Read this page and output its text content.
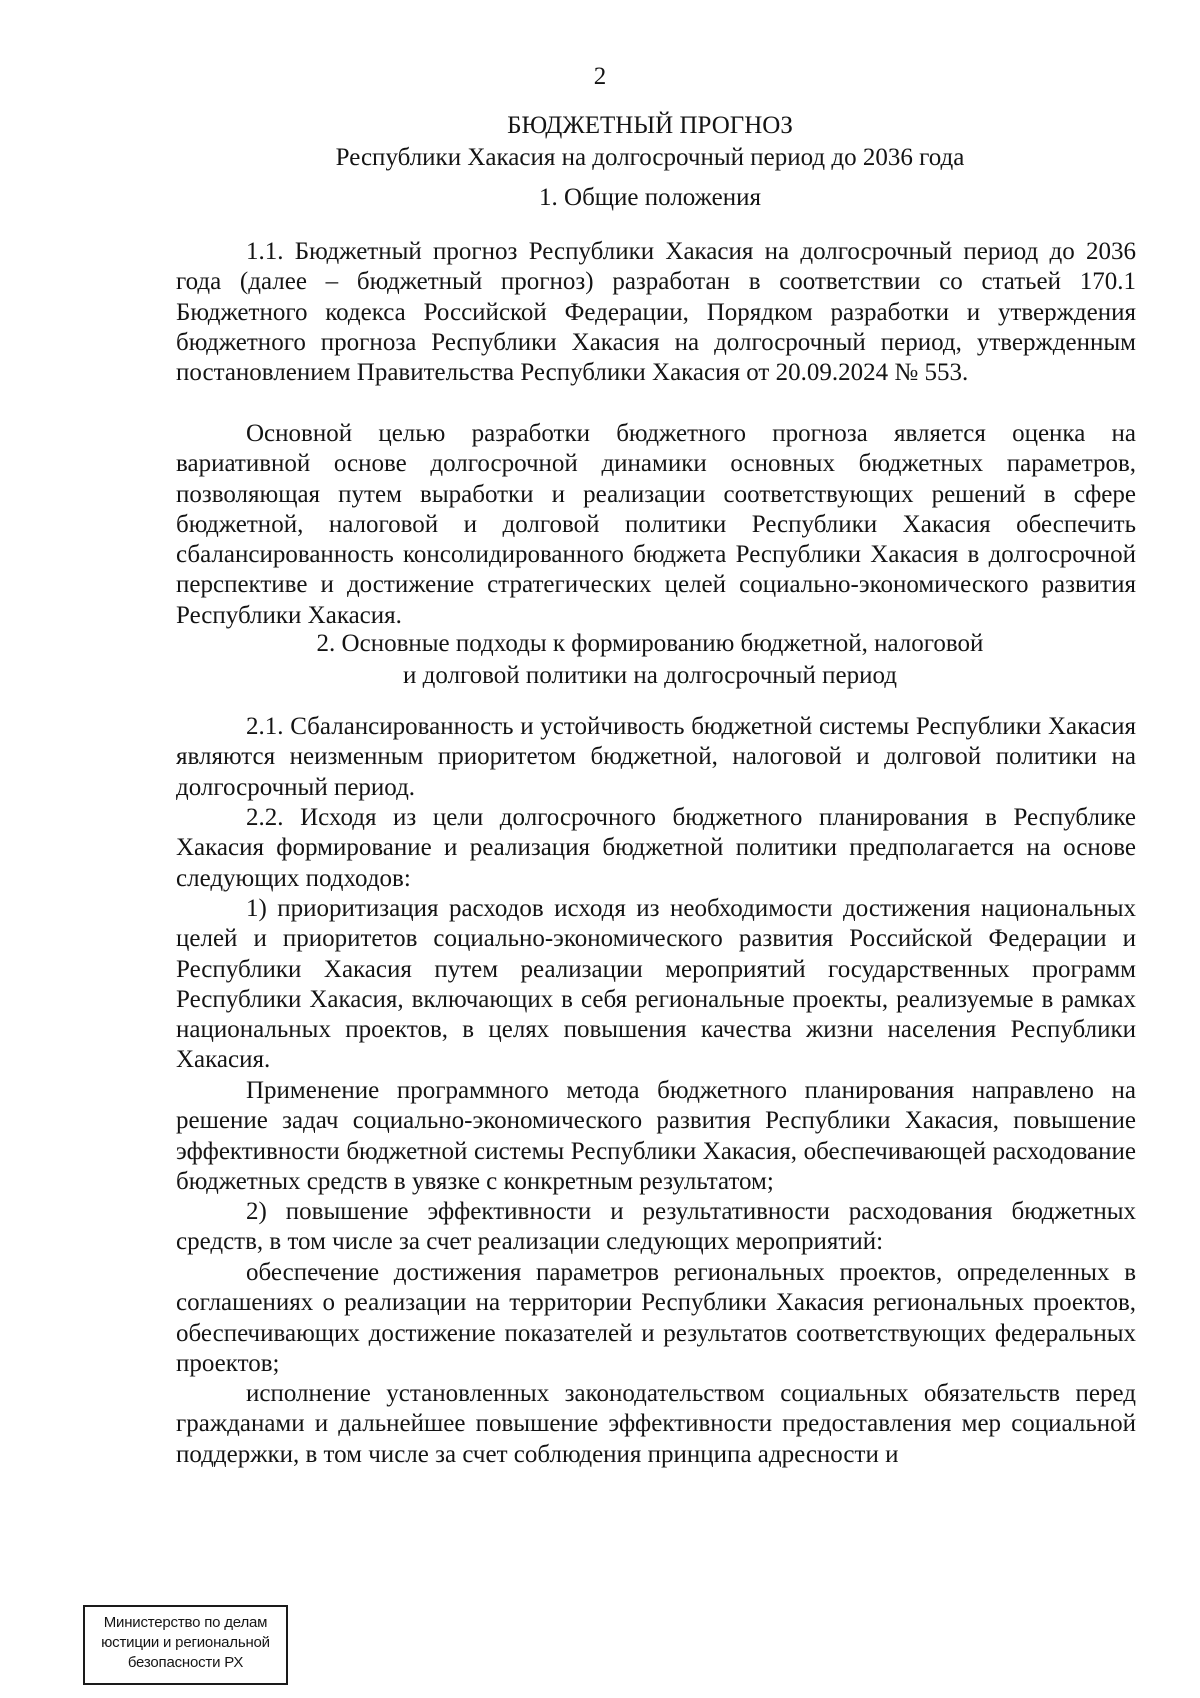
2
БЮДЖЕТНЫЙ ПРОГНОЗ
Республики Хакасия на долгосрочный период до 2036 года
1. Общие положения

1.1. Бюджетный прогноз Республики Хакасия на долгосрочный период до 2036 года (далее – бюджетный прогноз) разработан в соответствии со статьей 170.1 Бюджетного кодекса Российской Федерации, Порядком разработки и утверждения бюджетного прогноза Республики Хакасия на долгосрочный период, утвержденным постановлением Правительства Республики Хакасия от 20.09.2024 № 553.

Основной целью разработки бюджетного прогноза является оценка на вариативной основе долгосрочной динамики основных бюджетных параметров, позволяющая путем выработки и реализации соответствующих решений в сфере бюджетной, налоговой и долговой политики Республики Хакасия обеспечить сбалансированность консолидированного бюджета Республики Хакасия в долгосрочной перспективе и достижение стратегических целей социально-экономического развития Республики Хакасия.

2. Основные подходы к формированию бюджетной, налоговой
и долговой политики на долгосрочный период

2.1. Сбалансированность и устойчивость бюджетной системы Республики Хакасия являются неизменным приоритетом бюджетной, налоговой и долговой политики на долгосрочный период.

2.2. Исходя из цели долгосрочного бюджетного планирования в Республике Хакасия формирование и реализация бюджетной политики предполагается на основе следующих подходов:

1) приоритизация расходов исходя из необходимости достижения национальных целей и приоритетов социально-экономического развития Российской Федерации и Республики Хакасия путем реализации мероприятий государственных программ Республики Хакасия, включающих в себя региональные проекты, реализуемые в рамках национальных проектов, в целях повышения качества жизни населения Республики Хакасия.

Применение программного метода бюджетного планирования направлено на решение задач социально-экономического развития Республики Хакасия, повышение эффективности бюджетной системы Республики Хакасия, обеспечивающей расходование бюджетных средств в увязке с конкретным результатом;

2) повышение эффективности и результативности расходования бюджетных средств, в том числе за счет реализации следующих мероприятий:

обеспечение достижения параметров региональных проектов, определенных в соглашениях о реализации на территории Республики Хакасия региональных проектов, обеспечивающих достижение показателей и результатов соответствующих федеральных проектов;

исполнение установленных законодательством социальных обязательств перед гражданами и дальнейшее повышение эффективности предоставления мер социальной поддержки, в том числе за счет соблюдения принципа адресности и

Министерство по делам
юстиции и региональной
безопасности РХ
